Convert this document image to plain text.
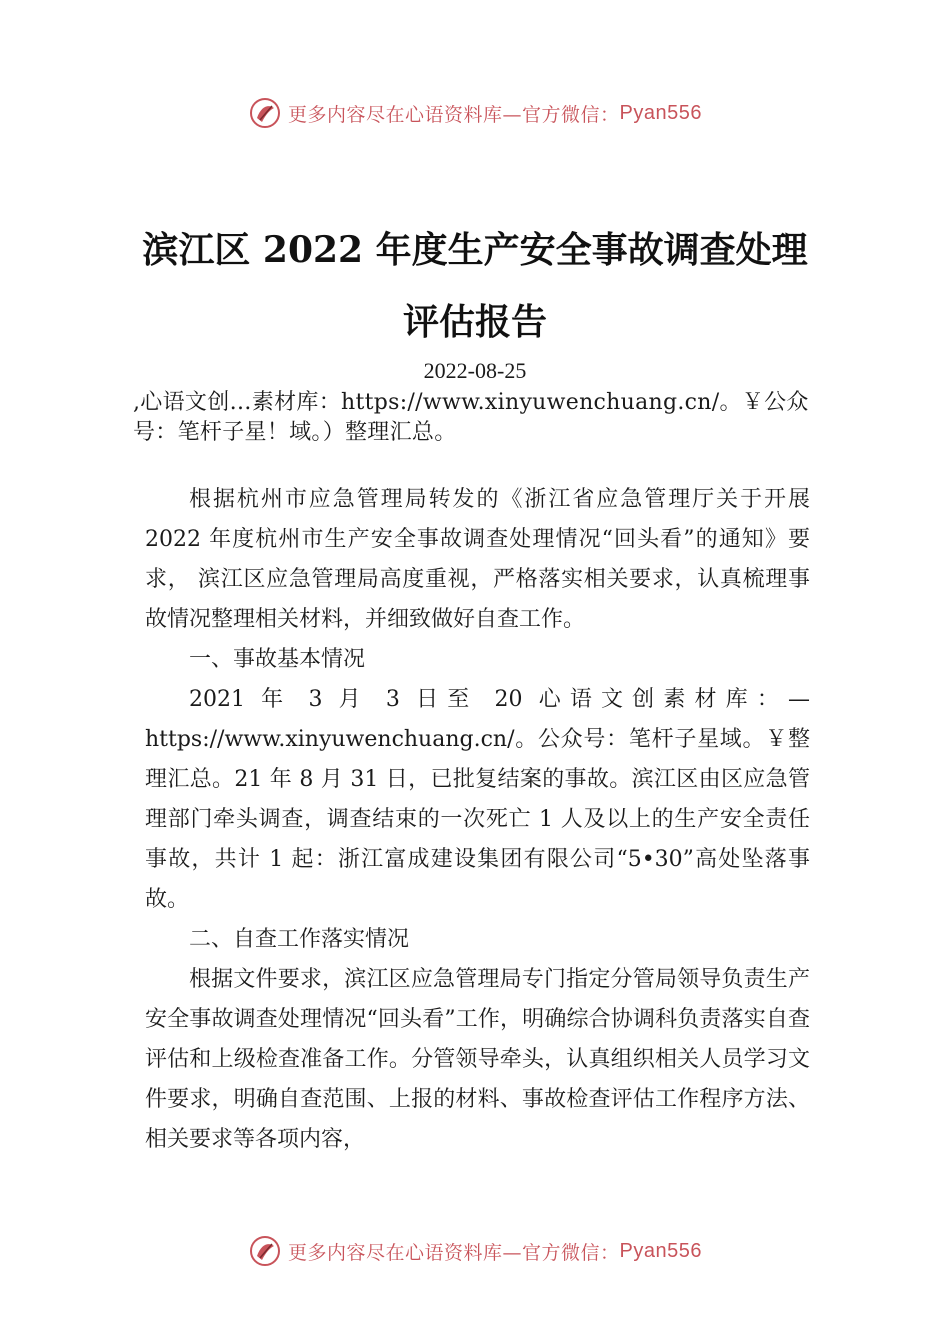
更多内容尽在心语资料库—官方微信： Pyan556
滨江区 2022 年度生产安全事故调查处理评估报告
2022-08-25
,心语文创…素材库：https://www.xinyuwenchuang.cn/。￥公众号：笔杆子星！域。）整理汇总。

根据杭州市应急管理局转发的《浙江省应急管理厅关于开展 2022 年度杭州市生产安全事故调查处理情况“回头看”的通知》要求， 滨江区应急管理局高度重视，严格落实相关要求，认真梳理事故情况整理相关材料，并细致做好自查工作。

一、事故基本情况

2021 年 3 月 3 日至 20 心语文创素材库：—https://www.xinyuwenchuang.cn/。公众号：笔杆子星域。￥整理汇总。21 年 8 月 31 日，已批复结案的事故。滨江区由区应急管理部门牵头调查，调查结束的一次死亡 1 人及以上的生产安全责任事故，共计 1 起：浙江富成建设集团有限公司“5•30”高处坠落事故。

二、自查工作落实情况

根据文件要求，滨江区应急管理局专门指定分管局领导负责生产安全事故调查处理情况“回头看”工作，明确综合协调科负责落实自查评估和上级检查准备工作。分管领导牵头，认真组织相关人员学习文件要求，明确自查范围、上报的材料、事故检查评估工作程序方法、相关要求等各项内容，

更多内容尽在心语资料库—官方微信： Pyan556
